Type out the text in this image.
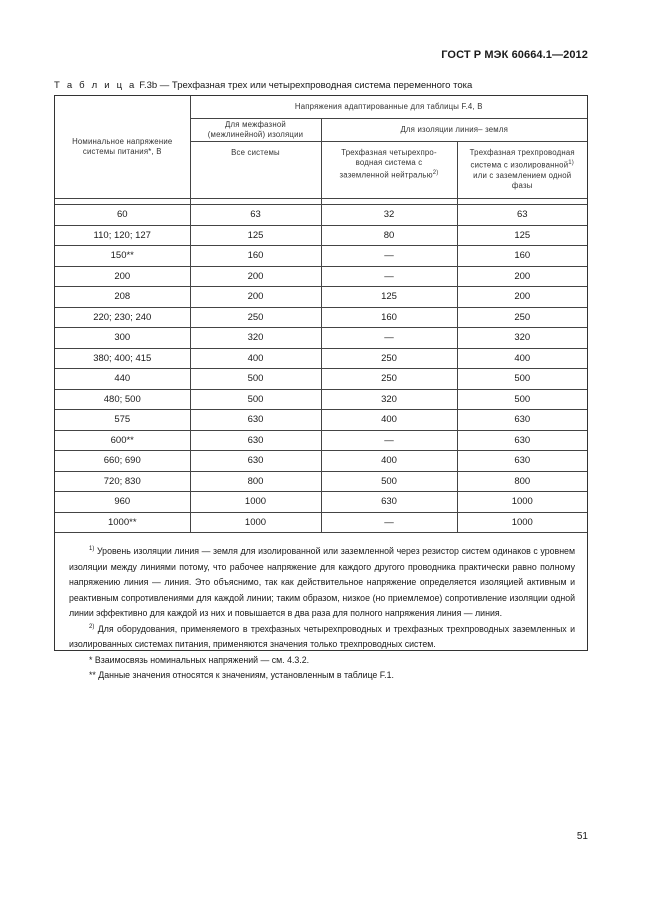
ГОСТ Р МЭК 60664.1—2012
Т а б л и ц а F.3b — Трехфазная трех или четырехпроводная система переменного тока
Номинальное напряжение системы питания*, В	Напряжения адаптированные для таблицы F.4, В		
	Для межфазной (межлинейной) изоляции	Для изоляции линия– земля	
	Все системы	Трехфазная четырехпро-водная система с заземленной нейтралью$^{2)}$	Трехфазная трехпроводная система с изолированной$^{1)}$ или с заземлением одной фазы

60	63	32	63
110; 120; 127	125	80	125
150**	160	—	160
200	200	—	200
208	200	125	200
220; 230; 240	250	160	250
300	320	—	320
380; 400; 415	400	250	400
440	500	250	500
480; 500	500	320	500
575	630	400	630
600**	630	—	630
660; 690	630	400	630
720; 830	800	500	800
960	1000	630	1000
1000**	1000	—	1000

$^{1)}$ Уровень изоляции линия — земля для изолированной или заземленной через резистор систем одинаков с уровнем изоляции между линиями потому, что рабочее напряжение для каждого другого проводника практически равно полному напряжению линия — линия. Это объяснимо, так как действительное напряжение определяется изоляцией активным и реактивным сопротивлениями для каждой линии; таким образом, низкое (но приемлемое) сопротивление изоляции одной линии эффективно для каждой из них и повышается в два раза для полного напряжения линия — линия.

$^{2)}$ Для оборудования, применяемого в трехфазных четырехпроводных и трехфазных трехпроводных заземленных и изолированных системах питания, применяются значения только трехпроводных систем.

* Взаимосвязь номинальных напряжений — см. 4.3.2.

** Данные значения относятся к значениям, установленным в таблице F.1.

51
